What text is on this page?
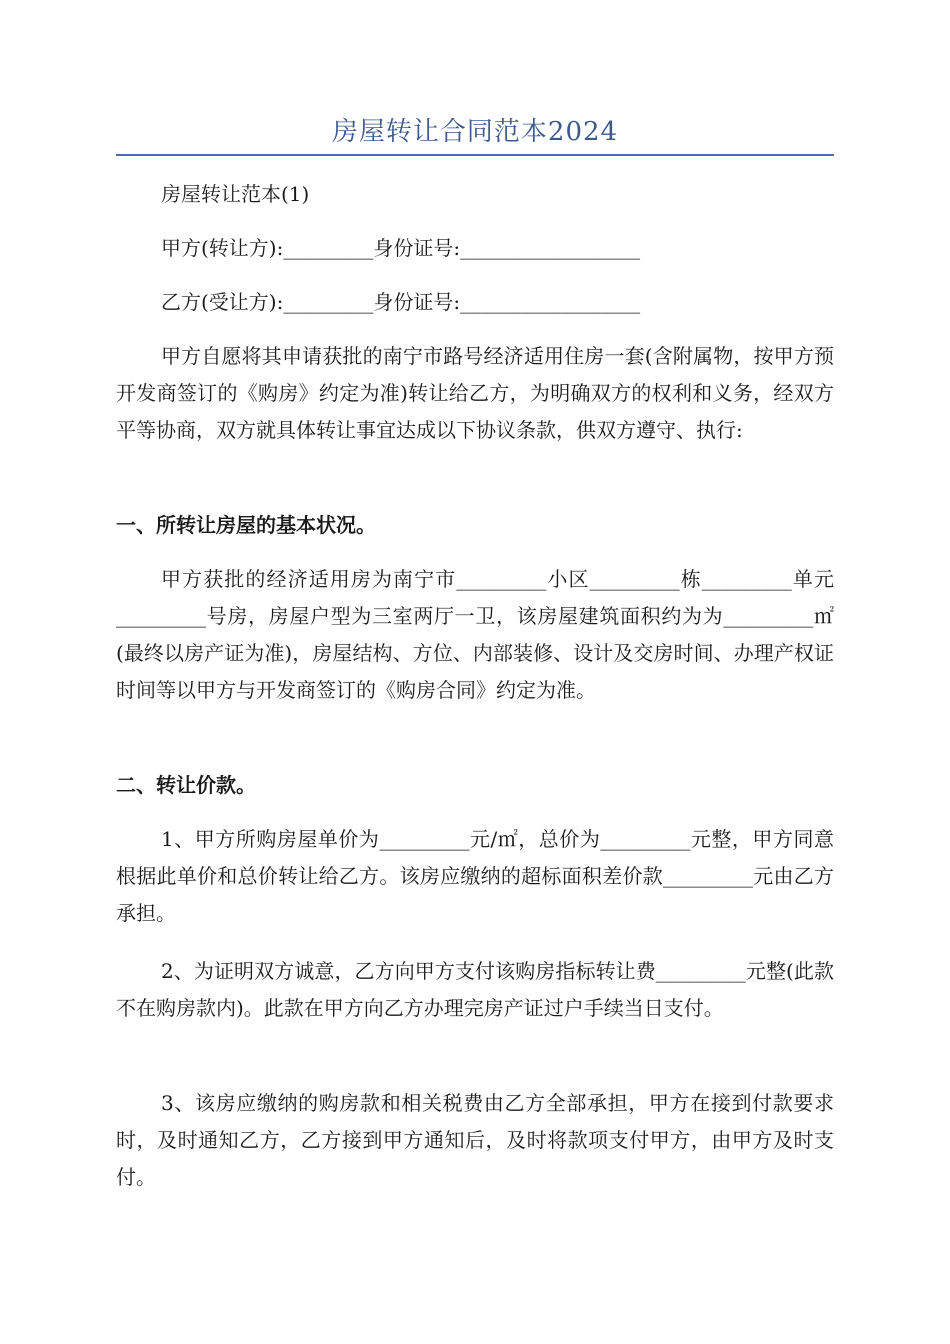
房屋转让合同范本2024
房屋转让范本(1)
甲方(转让方):_________身份证号:__________________
乙方(受让方):_________身份证号:__________________
甲方自愿将其申请获批的南宁市路号经济适用住房一套(含附属物，按甲方预开发商签订的《购房》约定为准)转让给乙方，为明确双方的权利和义务，经双方平等协商，双方就具体转让事宜达成以下协议条款，供双方遵守、执行:
一、所转让房屋的基本状况。
甲方获批的经济适用房为南宁市_________小区_________栋_________单元_________号房，房屋户型为三室两厅一卫，该房屋建筑面积约为为_________㎡(最终以房产证为准)，房屋结构、方位、内部装修、设计及交房时间、办理产权证时间等以甲方与开发商签订的《购房合同》约定为准。
二、转让价款。
1、甲方所购房屋单价为_________元/㎡，总价为_________元整，甲方同意根据此单价和总价转让给乙方。该房应缴纳的超标面积差价款_________元由乙方承担。
2、为证明双方诚意，乙方向甲方支付该购房指标转让费_________元整(此款不在购房款内)。此款在甲方向乙方办理完房产证过户手续当日支付。
3、该房应缴纳的购房款和相关税费由乙方全部承担，甲方在接到付款要求时，及时通知乙方，乙方接到甲方通知后，及时将款项支付甲方，由甲方及时支付。
